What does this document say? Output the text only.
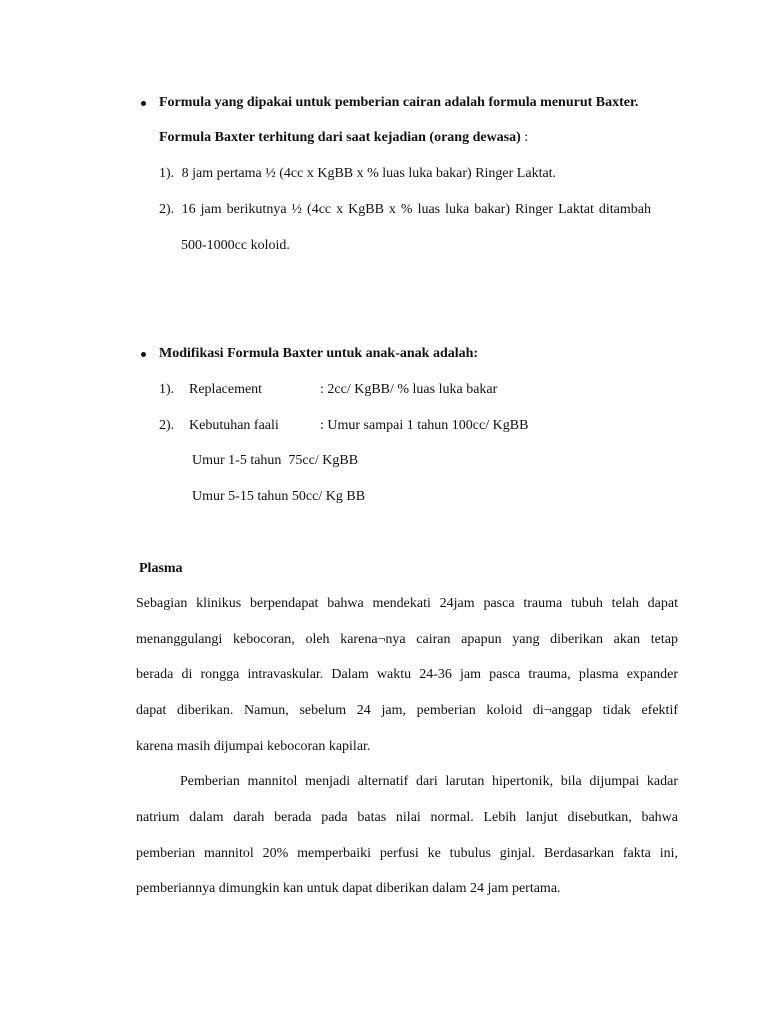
Formula yang dipakai untuk pemberian cairan adalah formula menurut Baxter.
Formula Baxter terhitung dari saat kejadian (orang dewasa) :
1). 8 jam pertama ½ (4cc x KgBB x % luas luka bakar) Ringer Laktat.
2). 16 jam berikutnya ½ (4cc x KgBB x % luas luka bakar) Ringer Laktat ditambah
500-1000cc koloid.
Modifikasi Formula Baxter untuk anak-anak adalah:
1). Replacement	: 2cc/ KgBB/ % luas luka bakar
2). Kebutuhan faali	: Umur sampai 1 tahun 100cc/ KgBB
Umur 1-5 tahun  75cc/ KgBB
Umur 5-15 tahun 50cc/ Kg BB
Plasma
Sebagian klinikus berpendapat bahwa mendekati 24jam pasca trauma tubuh telah dapat
menanggulangi kebocoran, oleh karena¬nya cairan apapun yang diberikan akan tetap
berada di rongga intravaskular. Dalam waktu 24-36 jam pasca trauma, plasma expander
dapat diberikan. Namun, sebelum 24 jam, pemberian koloid di¬anggap tidak efektif
karena masih dijumpai kebocoran kapilar.
Pemberian mannitol menjadi alternatif dari larutan hipertonik, bila dijumpai kadar
natrium dalam darah berada pada batas nilai normal. Lebih lanjut disebutkan, bahwa
pemberian mannitol 20% memperbaiki perfusi ke tubulus ginjal. Berdasarkan fakta ini,
pemberiannya dimungkin kan untuk dapat diberikan dalam 24 jam pertama.
